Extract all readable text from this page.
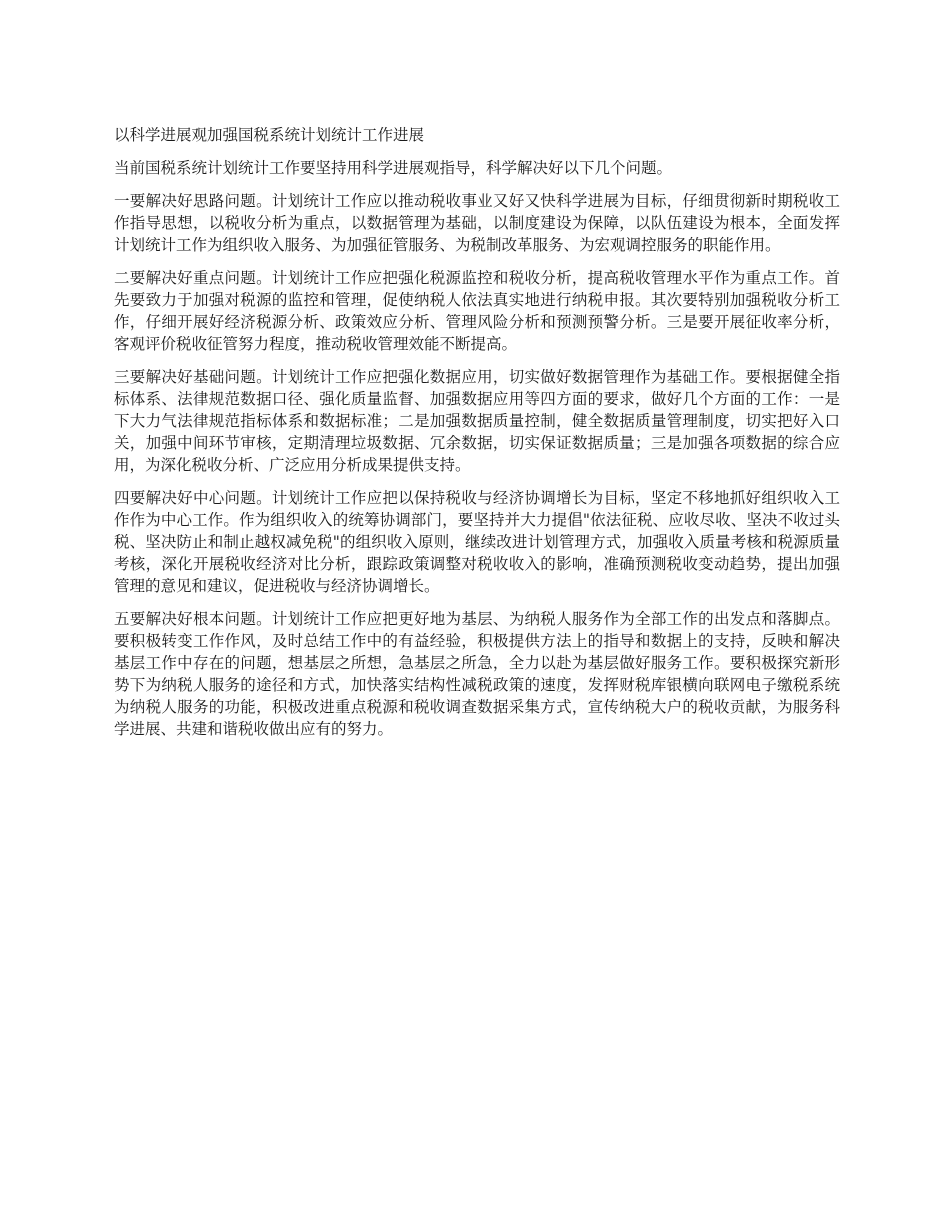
以科学进展观加强国税系统计划统计工作进展

当前国税系统计划统计工作要坚持用科学进展观指导，科学解决好以下几个问题。

一要解决好思路问题。计划统计工作应以推动税收事业又好又快科学进展为目标，仔细贯彻新时期税收工作指导思想，以税收分析为重点，以数据管理为基础，以制度建设为保障，以队伍建设为根本，全面发挥计划统计工作为组织收入服务、为加强征管服务、为税制改革服务、为宏观调控服务的职能作用。

二要解决好重点问题。计划统计工作应把强化税源监控和税收分析，提高税收管理水平作为重点工作。首先要致力于加强对税源的监控和管理，促使纳税人依法真实地进行纳税申报。其次要特别加强税收分析工作，仔细开展好经济税源分析、政策效应分析、管理风险分析和预测预警分析。三是要开展征收率分析，客观评价税收征管努力程度，推动税收管理效能不断提高。

三要解决好基础问题。计划统计工作应把强化数据应用，切实做好数据管理作为基础工作。要根据健全指标体系、法律规范数据口径、强化质量监督、加强数据应用等四方面的要求，做好几个方面的工作：一是下大力气法律规范指标体系和数据标准；二是加强数据质量控制，健全数据质量管理制度，切实把好入口关，加强中间环节审核，定期清理垃圾数据、冗余数据，切实保证数据质量；三是加强各项数据的综合应用，为深化税收分析、广泛应用分析成果提供支持。

四要解决好中心问题。计划统计工作应把以保持税收与经济协调增长为目标，坚定不移地抓好组织收入工作作为中心工作。作为组织收入的统筹协调部门，要坚持并大力提倡"依法征税、应收尽收、坚决不收过头税、坚决防止和制止越权减免税"的组织收入原则，继续改进计划管理方式，加强收入质量考核和税源质量考核，深化开展税收经济对比分析，跟踪政策调整对税收收入的影响，准确预测税收变动趋势，提出加强管理的意见和建议，促进税收与经济协调增长。

五要解决好根本问题。计划统计工作应把更好地为基层、为纳税人服务作为全部工作的出发点和落脚点。要积极转变工作作风，及时总结工作中的有益经验，积极提供方法上的指导和数据上的支持，反映和解决基层工作中存在的问题，想基层之所想，急基层之所急，全力以赴为基层做好服务工作。要积极探究新形势下为纳税人服务的途径和方式，加快落实结构性减税政策的速度，发挥财税库银横向联网电子缴税系统为纳税人服务的功能，积极改进重点税源和税收调查数据采集方式，宣传纳税大户的税收贡献，为服务科学进展、共建和谐税收做出应有的努力。
